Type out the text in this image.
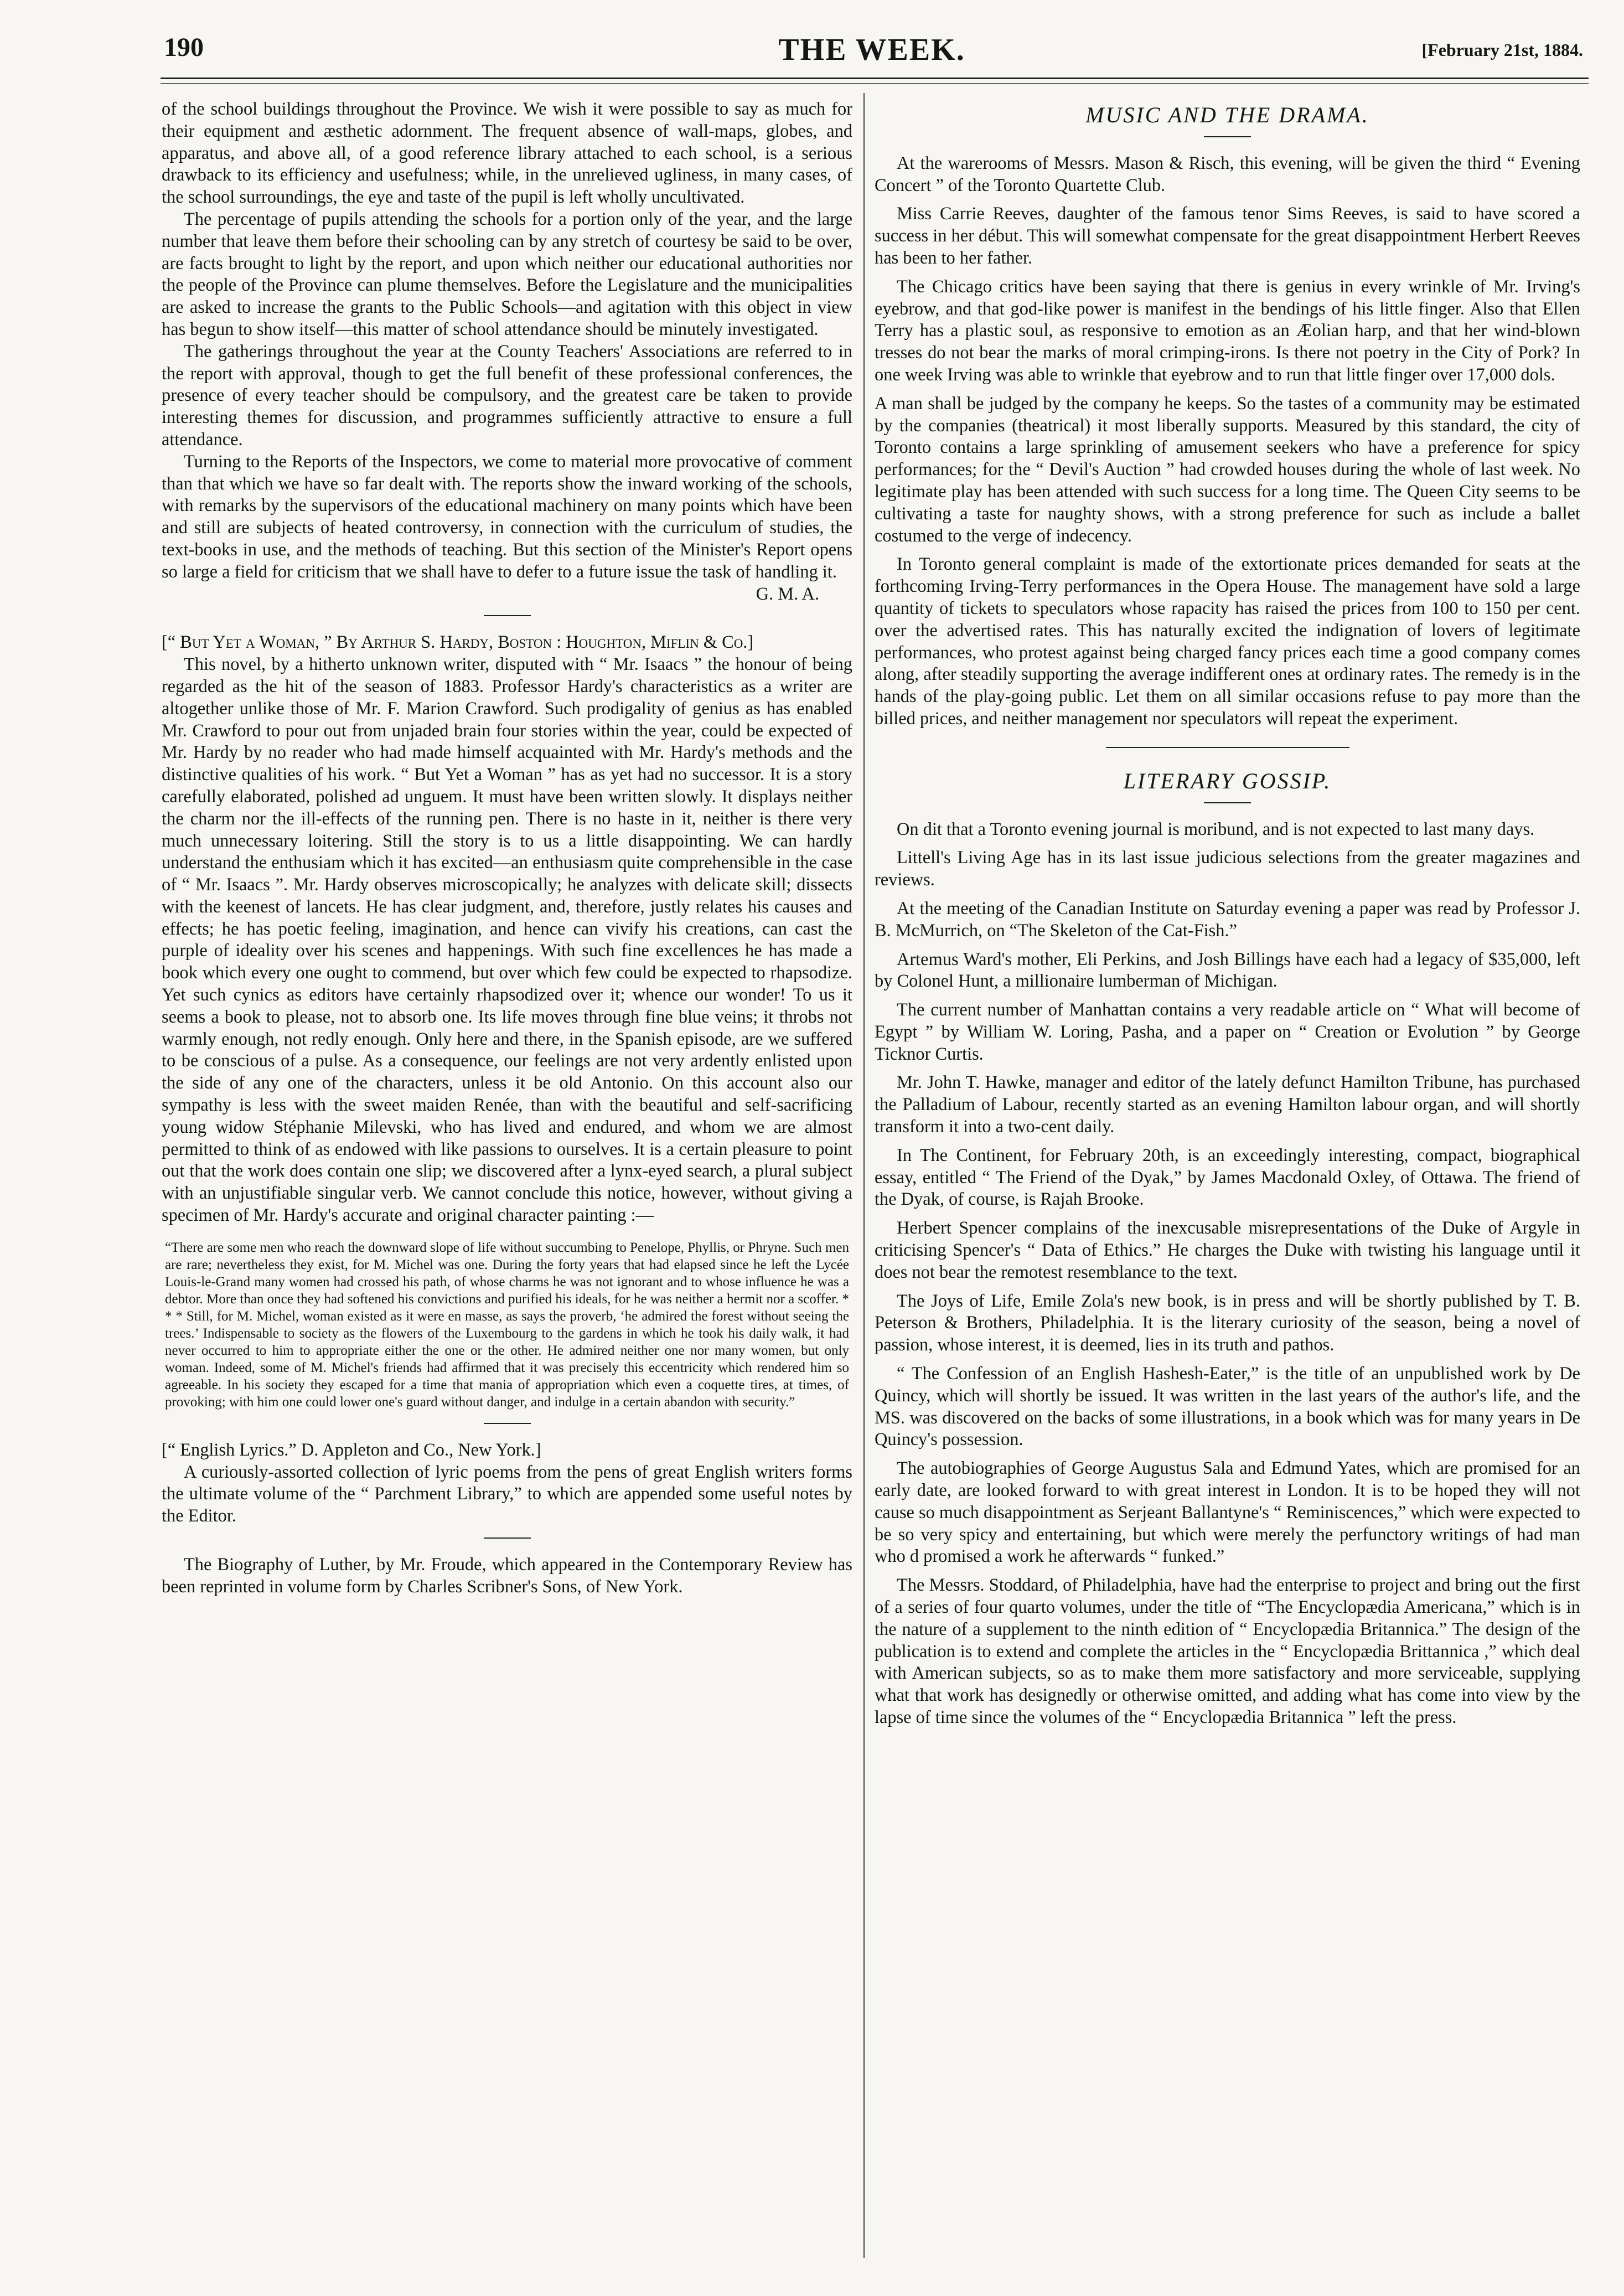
190	THE WEEK.	[February 21st, 1884.

of the school buildings throughout the Province. We wish it were possible to say as much for their equipment and æsthetic adornment. The frequent absence of wall-maps, globes, and apparatus, and above all, of a good reference library attached to each school, is a serious drawback to its efficiency and usefulness; while, in the unrelieved ugliness, in many cases, of the school surroundings, the eye and taste of the pupil is left wholly uncultivated.

The percentage of pupils attending the schools for a portion only of the year, and the large number that leave them before their schooling can by any stretch of courtesy be said to be over, are facts brought to light by the report, and upon which neither our educational authorities nor the people of the Province can plume themselves. Before the Legislature and the municipalities are asked to increase the grants to the Public Schools—and agitation with this object in view has begun to show itself—this matter of school attendance should be minutely investigated.

The gatherings throughout the year at the County Teachers' Associations are referred to in the report with approval, though to get the full benefit of these professional conferences, the presence of every teacher should be compulsory, and the greatest care be taken to provide interesting themes for discussion, and programmes sufficiently attractive to ensure a full attendance.

Turning to the Reports of the Inspectors, we come to material more provocative of comment than that which we have so far dealt with. The reports show the inward working of the schools, with remarks by the supervisors of the educational machinery on many points which have been and still are subjects of heated controversy, in connection with the curriculum of studies, the text-books in use, and the methods of teaching. But this section of the Minister's Report opens so large a field for criticism that we shall have to defer to a future issue the task of handling it.

G. M. A.

[“ But Yet a Woman, ” By Arthur S. Hardy, Boston : Houghton, Miflin & Co.]

This novel, by a hitherto unknown writer, disputed with “ Mr. Isaacs ” the honour of being regarded as the hit of the season of 1883. Professor Hardy's characteristics as a writer are altogether unlike those of Mr. F. Marion Crawford. Such prodigality of genius as has enabled Mr. Crawford to pour out from unjaded brain four stories within the year, could be expected of Mr. Hardy by no reader who had made himself acquainted with Mr. Hardy's methods and the distinctive qualities of his work. “ But Yet a Woman ” has as yet had no successor. It is a story carefully elaborated, polished ad unguem. It must have been written slowly. It displays neither the charm nor the ill-effects of the running pen. There is no haste in it, neither is there very much unnecessary loitering. Still the story is to us a little disappointing. We can hardly understand the enthusiam which it has excited—an enthusiasm quite comprehensible in the case of “ Mr. Isaacs ”. Mr. Hardy observes microscopically; he analyzes with delicate skill; dissects with the keenest of lancets. He has clear judgment, and, therefore, justly relates his causes and effects; he has poetic feeling, imagination, and hence can vivify his creations, can cast the purple of ideality over his scenes and happenings. With such fine excellences he has made a book which every one ought to commend, but over which few could be expected to rhapsodize. Yet such cynics as editors have certainly rhapsodized over it; whence our wonder! To us it seems a book to please, not to absorb one. Its life moves through fine blue veins; it throbs not warmly enough, not redly enough. Only here and there, in the Spanish episode, are we suffered to be conscious of a pulse. As a consequence, our feelings are not very ardently enlisted upon the side of any one of the characters, unless it be old Antonio. On this account also our sympathy is less with the sweet maiden Renée, than with the beautiful and self-sacrificing young widow Stéphanie Milevski, who has lived and endured, and whom we are almost permitted to think of as endowed with like passions to ourselves. It is a certain pleasure to point out that the work does contain one slip; we discovered after a lynx-eyed search, a plural subject with an unjustifiable singular verb. We cannot conclude this notice, however, without giving a specimen of Mr. Hardy's accurate and original character painting :—

“There are some men who reach the downward slope of life without succumbing to Penelope, Phyllis, or Phryne. Such men are rare; nevertheless they exist, for M. Michel was one. During the forty years that had elapsed since he left the Lycée Louis-le-Grand many women had crossed his path, of whose charms he was not ignorant and to whose influence he was a debtor. More than once they had softened his convictions and purified his ideals, for he was neither a hermit nor a scoffer. * * * Still, for M. Michel, woman existed as it were en masse, as says the proverb, ‘he admired the forest without seeing the trees.’ Indispensable to society as the flowers of the Luxembourg to the gardens in which he took his daily walk, it had never occurred to him to appropriate either the one or the other. He admired neither one nor many women, but only woman. Indeed, some of M. Michel's friends had affirmed that it was precisely this eccentricity which rendered him so agreeable. In his society they escaped for a time that mania of appropriation which even a coquette tires, at times, of provoking; with him one could lower one's guard without danger, and indulge in a certain abandon with security.”

[“ English Lyrics.” D. Appleton and Co., New York.]

A curiously-assorted collection of lyric poems from the pens of great English writers forms the ultimate volume of the “ Parchment Library,” to which are appended some useful notes by the Editor.

The Biography of Luther, by Mr. Froude, which appeared in the Contemporary Review has been reprinted in volume form by Charles Scribner's Sons, of New York.

MUSIC AND THE DRAMA.

At the warerooms of Messrs. Mason & Risch, this evening, will be given the third “ Evening Concert ” of the Toronto Quartette Club.

Miss Carrie Reeves, daughter of the famous tenor Sims Reeves, is said to have scored a success in her début. This will somewhat compensate for the great disappointment Herbert Reeves has been to her father.

The Chicago critics have been saying that there is genius in every wrinkle of Mr. Irving's eyebrow, and that god-like power is manifest in the bendings of his little finger. Also that Ellen Terry has a plastic soul, as responsive to emotion as an Æolian harp, and that her wind-blown tresses do not bear the marks of moral crimping-irons. Is there not poetry in the City of Pork? In one week Irving was able to wrinkle that eyebrow and to run that little finger over 17,000 dols.

A man shall be judged by the company he keeps. So the tastes of a community may be estimated by the companies (theatrical) it most liberally supports. Measured by this standard, the city of Toronto contains a large sprinkling of amusement seekers who have a preference for spicy performances; for the “ Devil's Auction ” had crowded houses during the whole of last week. No legitimate play has been attended with such success for a long time. The Queen City seems to be cultivating a taste for naughty shows, with a strong preference for such as include a ballet costumed to the verge of indecency.

In Toronto general complaint is made of the extortionate prices demanded for seats at the forthcoming Irving-Terry performances in the Opera House. The management have sold a large quantity of tickets to speculators whose rapacity has raised the prices from 100 to 150 per cent. over the advertised rates. This has naturally excited the indignation of lovers of legitimate performances, who protest against being charged fancy prices each time a good company comes along, after steadily supporting the average indifferent ones at ordinary rates. The remedy is in the hands of the play-going public. Let them on all similar occasions refuse to pay more than the billed prices, and neither management nor speculators will repeat the experiment.

LITERARY GOSSIP.

On dit that a Toronto evening journal is moribund, and is not expected to last many days.

Littell's Living Age has in its last issue judicious selections from the greater magazines and reviews.

At the meeting of the Canadian Institute on Saturday evening a paper was read by Professor J. B. McMurrich, on “The Skeleton of the Cat-Fish.”

Artemus Ward's mother, Eli Perkins, and Josh Billings have each had a legacy of $35,000, left by Colonel Hunt, a millionaire lumberman of Michigan.

The current number of Manhattan contains a very readable article on “ What will become of Egypt ” by William W. Loring, Pasha, and a paper on “ Creation or Evolution ” by George Ticknor Curtis.

Mr. John T. Hawke, manager and editor of the lately defunct Hamilton Tribune, has purchased the Palladium of Labour, recently started as an evening Hamilton labour organ, and will shortly transform it into a two-cent daily.

In The Continent, for February 20th, is an exceedingly interesting, compact, biographical essay, entitled “ The Friend of the Dyak,” by James Macdonald Oxley, of Ottawa. The friend of the Dyak, of course, is Rajah Brooke.

Herbert Spencer complains of the inexcusable misrepresentations of the Duke of Argyle in criticising Spencer's “ Data of Ethics.” He charges the Duke with twisting his language until it does not bear the remotest resemblance to the text.

The Joys of Life, Emile Zola's new book, is in press and will be shortly published by T. B. Peterson & Brothers, Philadelphia. It is the literary curiosity of the season, being a novel of passion, whose interest, it is deemed, lies in its truth and pathos.

“ The Confession of an English Hashesh-Eater,” is the title of an unpublished work by De Quincy, which will shortly be issued. It was written in the last years of the author's life, and the MS. was discovered on the backs of some illustrations, in a book which was for many years in De Quincy's possession.

The autobiographies of George Augustus Sala and Edmund Yates, which are promised for an early date, are looked forward to with great interest in London. It is to be hoped they will not cause so much disappointment as Serjeant Ballantyne's “ Reminiscences,” which were expected to be so very spicy and entertaining, but which were merely the perfunctory writings of had man who d promised a work he afterwards “ funked.”

The Messrs. Stoddard, of Philadelphia, have had the enterprise to project and bring out the first of a series of four quarto volumes, under the title of “The Encyclopædia Americana,” which is in the nature of a supplement to the ninth edition of “ Encyclopædia Britannica.” The design of the publication is to extend and complete the articles in the “ Encyclopædia Brittannica ,” which deal with American subjects, so as to make them more satisfactory and more serviceable, supplying what that work has designedly or otherwise omitted, and adding what has come into view by the lapse of time since the volumes of the “ Encyclopædia Britannica ” left the press.
